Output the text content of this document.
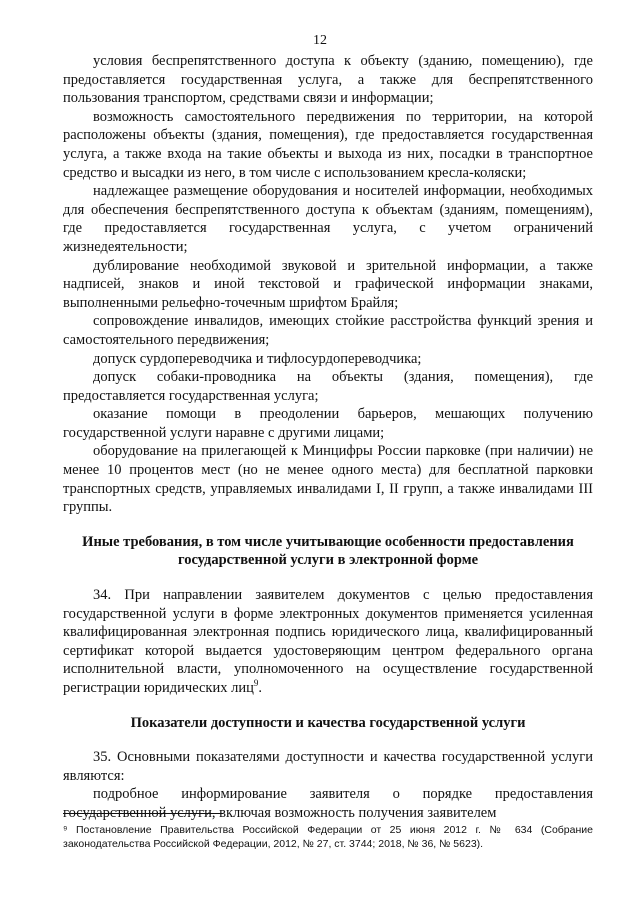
12

условия беспрепятственного доступа к объекту (зданию, помещению), где предоставляется государственная услуга, а также для беспрепятственного пользования транспортом, средствами связи и информации;

возможность самостоятельного передвижения по территории, на которой расположены объекты (здания, помещения), где предоставляется государственная услуга, а также входа на такие объекты и выхода из них, посадки в транспортное средство и высадки из него, в том числе с использованием кресла-коляски;

надлежащее размещение оборудования и носителей информации, необходимых для обеспечения беспрепятственного доступа к объектам (зданиям, помещениям), где предоставляется государственная услуга, с учетом ограничений жизнедеятельности;

дублирование необходимой звуковой и зрительной информации, а также надписей, знаков и иной текстовой и графической информации знаками, выполненными рельефно-точечным шрифтом Брайля;

сопровождение инвалидов, имеющих стойкие расстройства функций зрения и самостоятельного передвижения;

допуск сурдопереводчика и тифлосурдопереводчика;

допуск собаки-проводника на объекты (здания, помещения), где предоставляется государственная услуга;

оказание помощи в преодолении барьеров, мешающих получению государственной услуги наравне с другими лицами;

оборудование на прилегающей к Минцифры России парковке (при наличии) не менее 10 процентов мест (но не менее одного места) для бесплатной парковки транспортных средств, управляемых инвалидами I, II групп, а также инвалидами III группы.

Иные требования, в том числе учитывающие особенности предоставления государственной услуги в электронной форме

34. При направлении заявителем документов с целью предоставления государственной услуги в форме электронных документов применяется усиленная квалифицированная электронная подпись юридического лица, квалифицированный сертификат которой выдается удостоверяющим центром федерального органа исполнительной власти, уполномоченного на осуществление государственной регистрации юридических лиц$^9$.

Показатели доступности и качества государственной услуги

35. Основными показателями доступности и качества государственной услуги являются:

подробное информирование заявителя о порядке предоставления государственной услуги, включая возможность получения заявителем

⁹ Постановление Правительства Российской Федерации от 25 июня 2012 г. № 634 (Собрание законодательства Российской Федерации, 2012, № 27, ст. 3744; 2018, № 36, № 5623).
